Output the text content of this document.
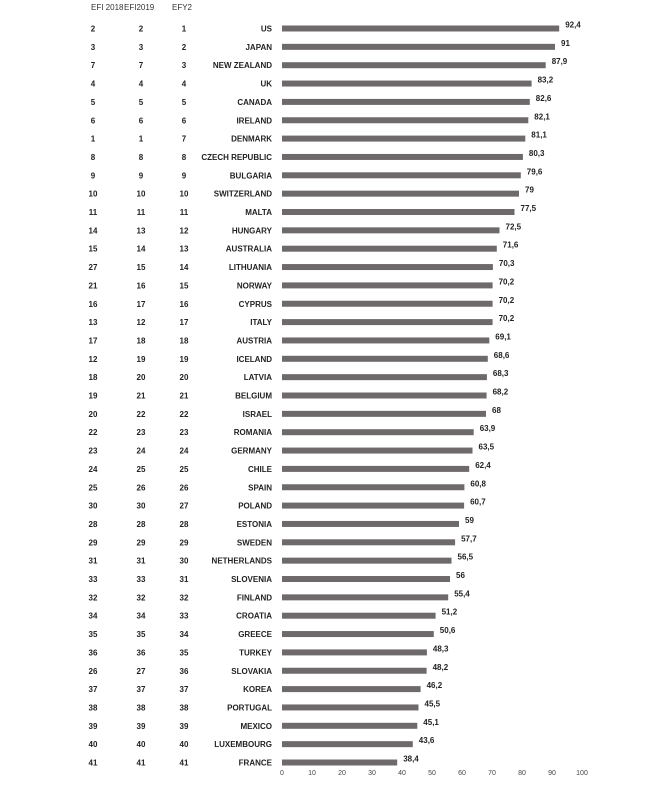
EFI 2018 EFI2019 EFY2
2	2	1	US	92,4
3	3	2	JAPAN	91
7	7	3	NEW ZEALAND	87,9
4	4	4	UK	83,2
5	5	5	CANADA	82,6
6	6	6	IRELAND	82,1
1	1	7	DENMARK	81,1
8	8	8 CZECH REPUBLIC	80,3
9	9	9	BULGARIA	79,6
10	10	10	SWITZERLAND	79
11	11	11	MALTA	77,5
14	13	12	HUNGARY	72,5
15	14	13	AUSTRALIA	71,6
27	15	14	LITHUANIA	70,3
21	16	15	NORWAY	70,2
16	17	16	CYPRUS	70,2
13	12	17	ITALY	70,2
17	18	18	AUSTRIA	69,1
12	19	19	ICELAND	68,6
18	20	20	LATVIA	68,3
19	21	21	BELGIUM	68,2
20	22	22	ISRAEL	68
22	23	23	ROMANIA	63,9
23	24	24	GERMANY	63,5
24	25	25	CHILE	62,4
25	26	26	SPAIN	60,8
30	30	27	POLAND	60,7
28	28	28	ESTONIA	59
29	29	29	SWEDEN	57,7
31	31	30	NETHERLANDS	56,5
33	33	31	SLOVENIA	56
32	32	32	FINLAND	55,4
34	34	33	CROATIA	51,2
35	35	34	GREECE	50,6
36	36	35	TURKEY	48,3
26	27	36	SLOVAKIA	48,2
37	37	37	KOREA	46,2
38	38	38	PORTUGAL	45,5
39	39	39	MEXICO	45,1
40	40	40	LUXEMBOURG	43,6
41	41	41	FRANCE	38,4
0	10	20	30	40	50	60	70	80	90	100
